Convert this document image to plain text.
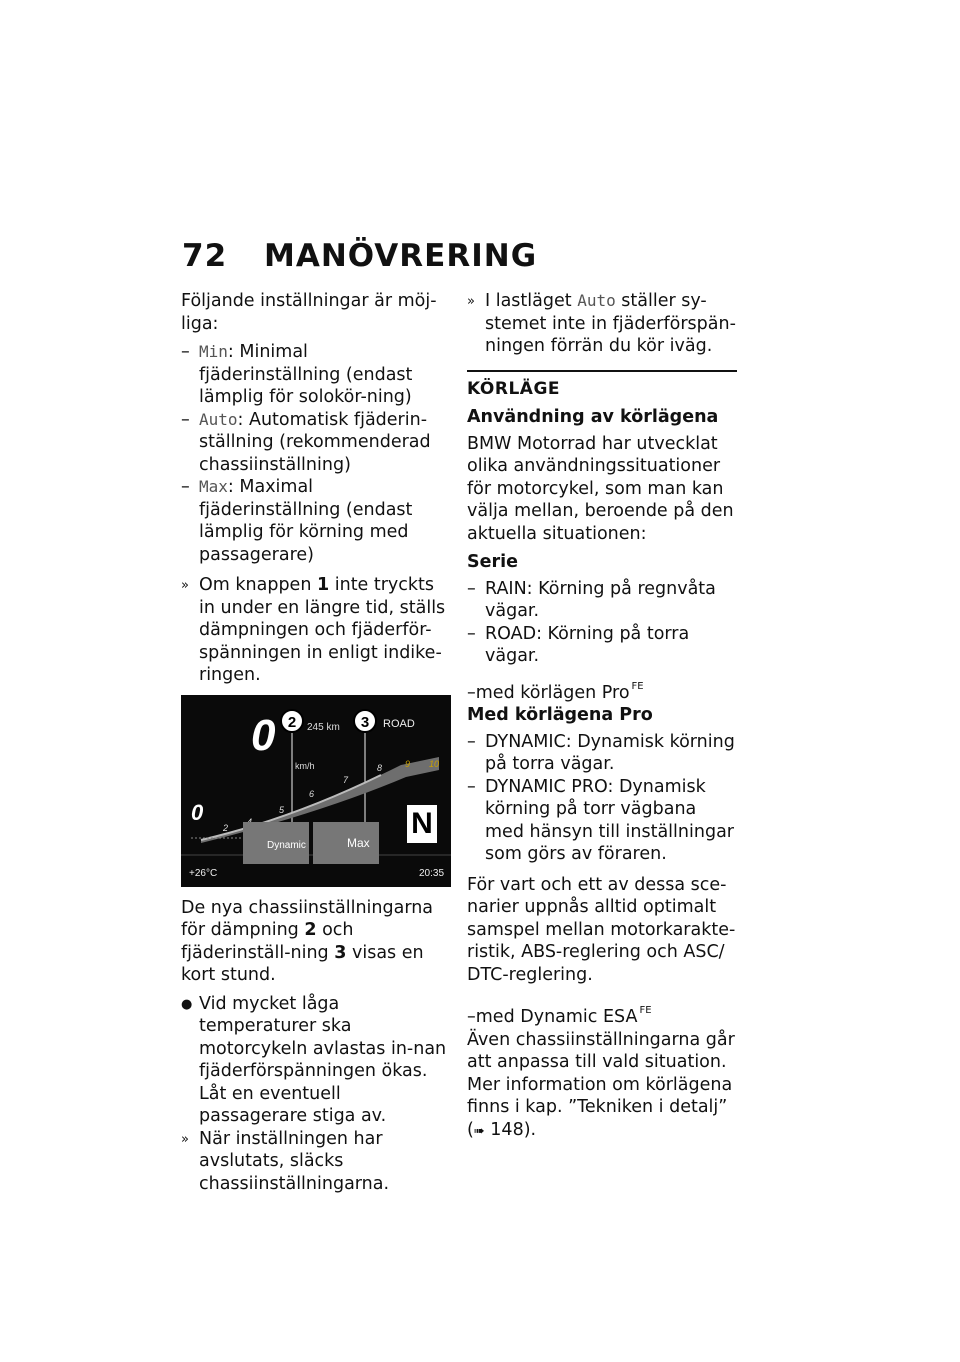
72 MANÖVRERING
Följande inställningar är möj-liga:
– Min: Minimal fjäderinställning (endast lämplig för solokör-ning)
– Auto: Automatisk fjäderin-ställning (rekommenderad chassiinställning)
– Max: Maximal fjäderinställning (endast lämplig för körning med passagerare)
» Om knappen 1 inte tryckts in under en längre tid, ställs dämpningen och fjäderför-spänningen in enligt indike-ringen.
2	3
245 km	ROAD
0
km/h
2
5
6
7
8	9 10
0
Dynamic	Max
N
+26°C	20:35
De nya chassiinställningarna för dämpning 2 och fjäderinställ-ning 3 visas en kort stund.
● Vid mycket låga temperaturer ska motorcykeln avlastas in-nan fjäderförspänningen ökas. Låt en eventuell passagerare stiga av.
» När inställningen har avslutats, släcks chassiinställningarna.
» I lastläget Auto ställer sy-stemet inte in fjäderförspän-ningen förrän du kör iväg.
KÖRLÄGE
Användning av körlägena
BMW Motorrad har utvecklat olika användningssituationer för motorcykel, som man kan välja mellan, beroende på den aktuella situationen:
Serie
– RAIN: Körning på regnvåta vägar.
– ROAD: Körning på torra vägar.
–med körlägen Pro $^{FE}$
Med körlägena Pro
– DYNAMIC: Dynamisk körning på torra vägar.
– DYNAMIC PRO: Dynamisk körning på torr vägbana med hänsyn till inställningar som görs av föraren.
För vart och ett av dessa sce-narier uppnås alltid optimalt samspel mellan motorkarakte-ristik, ABS-reglering och ASC/ DTC-reglering.
–med Dynamic ESA $^{FE}$
Även chassiinställningarna går att anpassa till vald situation. Mer information om körlägena finns i kap. ”Tekniken i detalj”
(➠ 148).
